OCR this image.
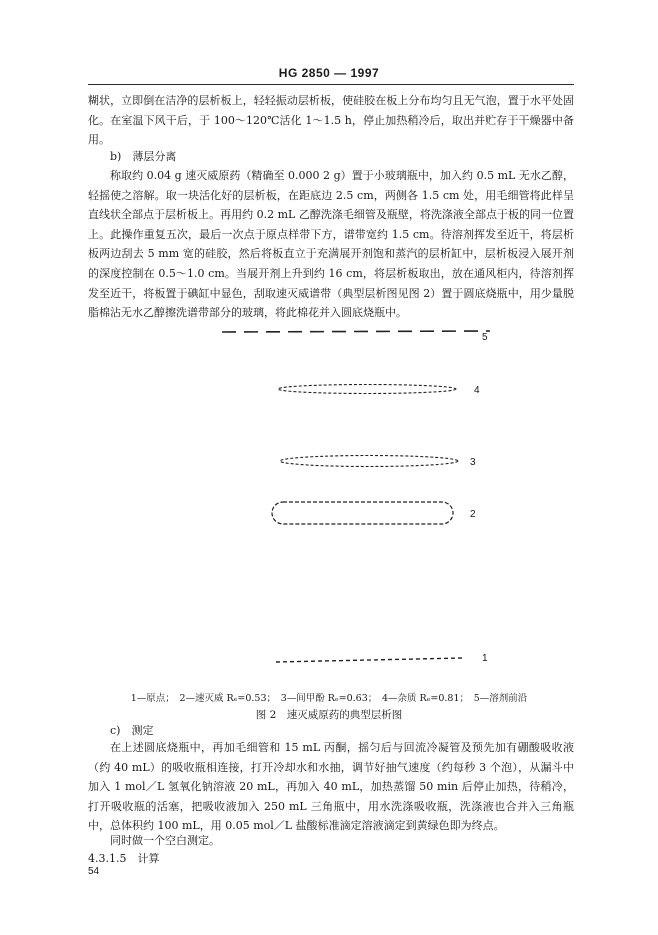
HG 2850 — 1997

糊状，立即倒在洁净的层析板上，轻轻振动层析板，使硅胶在板上分布均匀且无气泡，置于水平处固化。在室温下风干后，于 100～120℃活化 1～1.5 h，停止加热稍冷后，取出并贮存于干燥器中备用。

b)　薄层分离

称取约 0.04 g 速灭威原药（精确至 0.000 2 g）置于小玻璃瓶中，加入约 0.5 mL 无水乙醇，轻摇使之溶解。取一块活化好的层析板，在距底边 2.5 cm，两侧各 1.5 cm 处，用毛细管将此样呈直线状全部点于层析板上。再用约 0.2 mL 乙醇洗涤毛细管及瓶壁，将洗涤液全部点于板的同一位置上。此操作重复五次，最后一次点于原点样带下方，谱带宽约 1.5 cm。待溶剂挥发至近干，将层析板两边刮去 5 mm 宽的硅胶，然后将板直立于充满展开剂饱和蒸汽的层析缸中，层析板浸入展开剂的深度控制在 0.5～1.0 cm。当展开剂上升到约 16 cm，将层析板取出，放在通风柜内，待溶剂挥发至近干，将板置于碘缸中显色，刮取速灭威谱带（典型层析图见图 2）置于圆底烧瓶中，用少量脱脂棉沾无水乙醇擦洗谱带部分的玻璃，将此棉花并入圆底烧瓶中。

5
4
3
2
1
1—原点；　2—速灭威 Rₑ=0.53；　3—间甲酚 Rₑ=0.63；　4—杂质 Rₑ=0.81；　5—溶剂前沿
图 2　速灭威原药的典型层析图
c)　测定

在上述圆底烧瓶中，再加毛细管和 15 mL 丙酮，摇匀后与回流冷凝管及预先加有硼酸吸收液（约 40 mL）的吸收瓶相连接，打开冷却水和水抽，调节好抽气速度（约每秒 3 个泡），从漏斗中加入 1 mol／L 氢氧化钠溶液 20 mL，再加入 40 mL，加热蒸馏 50 min 后停止加热，待稍冷，打开吸收瓶的活塞，把吸收液加入 250 mL 三角瓶中，用水洗涤吸收瓶，洗涤液也合并入三角瓶中，总体积约 100 mL，用 0.05 mol／L 盐酸标准滴定溶液滴定到黄绿色即为终点。

同时做一个空白测定。
4.3.1.5　计算
54
